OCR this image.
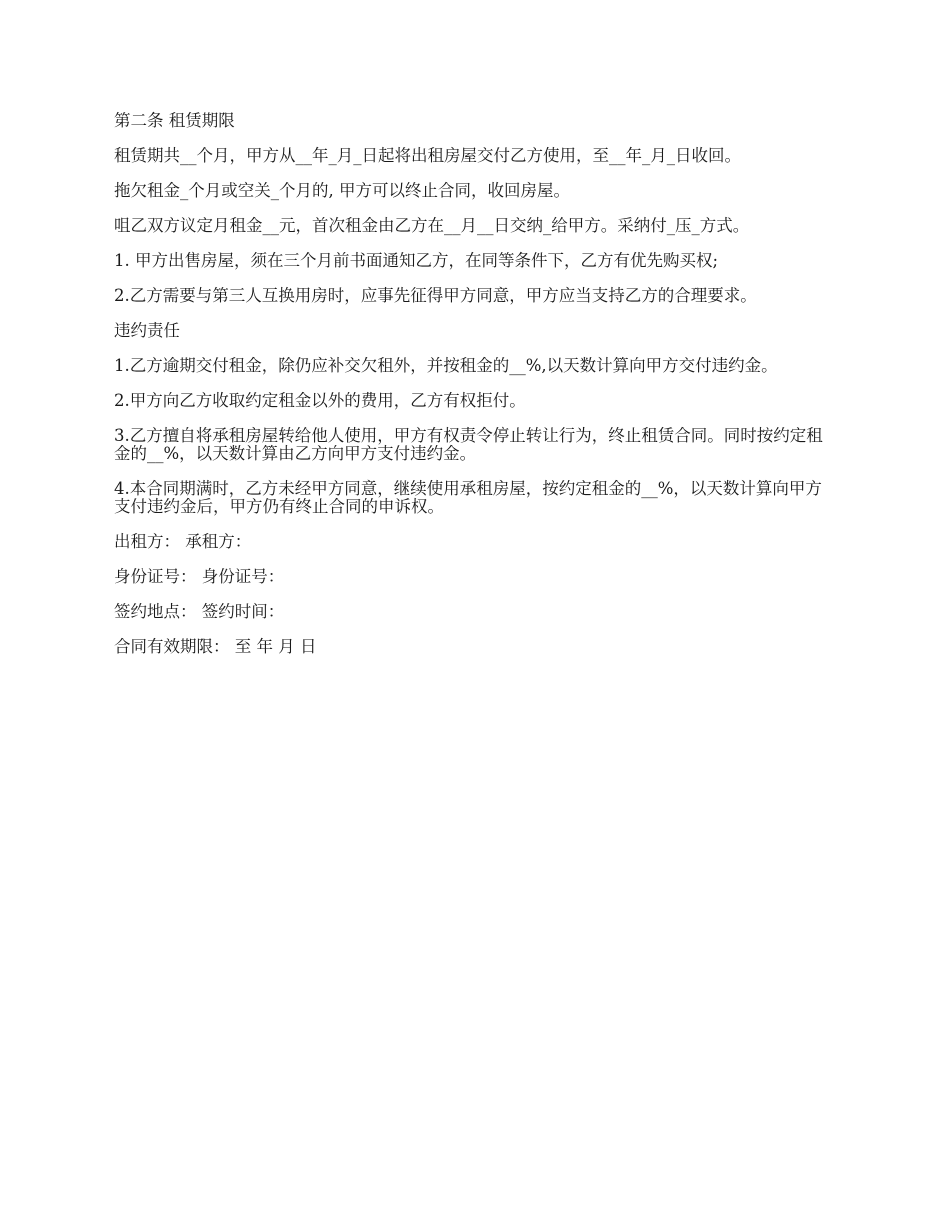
第二条 租赁期限

租赁期共__个月，甲方从__年_月_日起将出租房屋交付乙方使用，至__年_月_日收回。

拖欠租金_个月或空关_个月的, 甲方可以终止合同，收回房屋。

咀乙双方议定月租金__元，首次租金由乙方在__月__日交纳_给甲方。采纳付_压_方式。

1. 甲方出售房屋，须在三个月前书面通知乙方，在同等条件下，乙方有优先购买权;

2.乙方需要与第三人互换用房时，应事先征得甲方同意，甲方应当支持乙方的合理要求。

违约责任

1.乙方逾期交付租金，除仍应补交欠租外，并按租金的__%,以天数计算向甲方交付违约金。

2.甲方向乙方收取约定租金以外的费用，乙方有权拒付。

3.乙方擅自将承租房屋转给他人使用，甲方有权责令停止转让行为，终止租赁合同。同时按约定租金的__%，以天数计算由乙方向甲方支付违约金。

4.本合同期满时，乙方未经甲方同意，继续使用承租房屋，按约定租金的__%，以天数计算向甲方支付违约金后，甲方仍有终止合同的申诉权。

出租方： 承租方：

身份证号： 身份证号：

签约地点： 签约时间：

合同有效期限： 至 年 月 日
